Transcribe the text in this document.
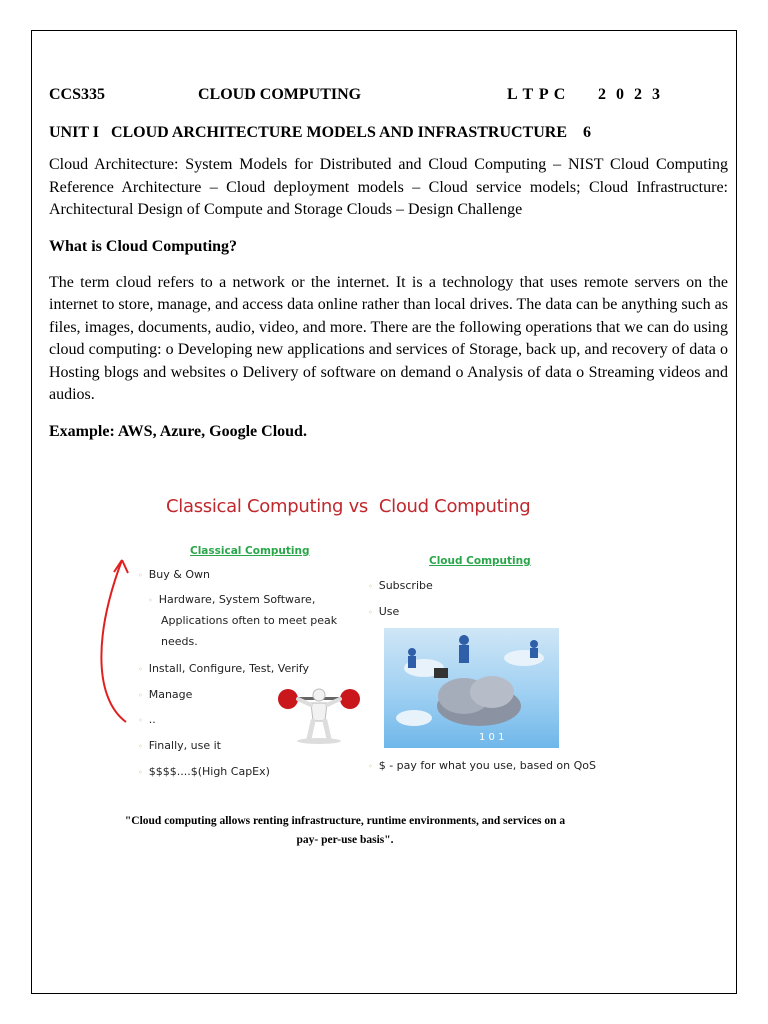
CCS335	CLOUD COMPUTING	L T P C 2 0 2 3
UNIT I   CLOUD ARCHITECTURE MODELS AND INFRASTRUCTURE    6

Cloud Architecture: System Models for Distributed and Cloud Computing – NIST Cloud Computing Reference Architecture – Cloud deployment models – Cloud service models; Cloud Infrastructure: Architectural Design of Compute and Storage Clouds – Design Challenge

What is Cloud Computing?

The term cloud refers to a network or the internet. It is a technology that uses remote servers on the internet to store, manage, and access data online rather than local drives. The data can be anything such as files, images, documents, audio, video, and more. There are the following operations that we can do using cloud computing: o Developing new applications and services of Storage, back up, and recovery of data o Hosting blogs and websites o Delivery of software on demand o Analysis of data o Streaming videos and audios.

Example: AWS, Azure, Google Cloud.
Classical Computing vs  Cloud Computing
Classical Computing
Cloud Computing
◦ Buy & Own
◦ Hardware, System Software,
Applications often to meet peak
needs.
◦ Install, Configure, Test, Verify
◦ Manage
◦ ..
◦ Finally, use it
◦ $$$$....$(High CapEx)
◦ Subscribe
◦ Use
◦ $ - pay for what you use, based on QoS
1 0 1
"Cloud computing allows renting infrastructure, runtime environments, and services on a
pay- per-use basis".
